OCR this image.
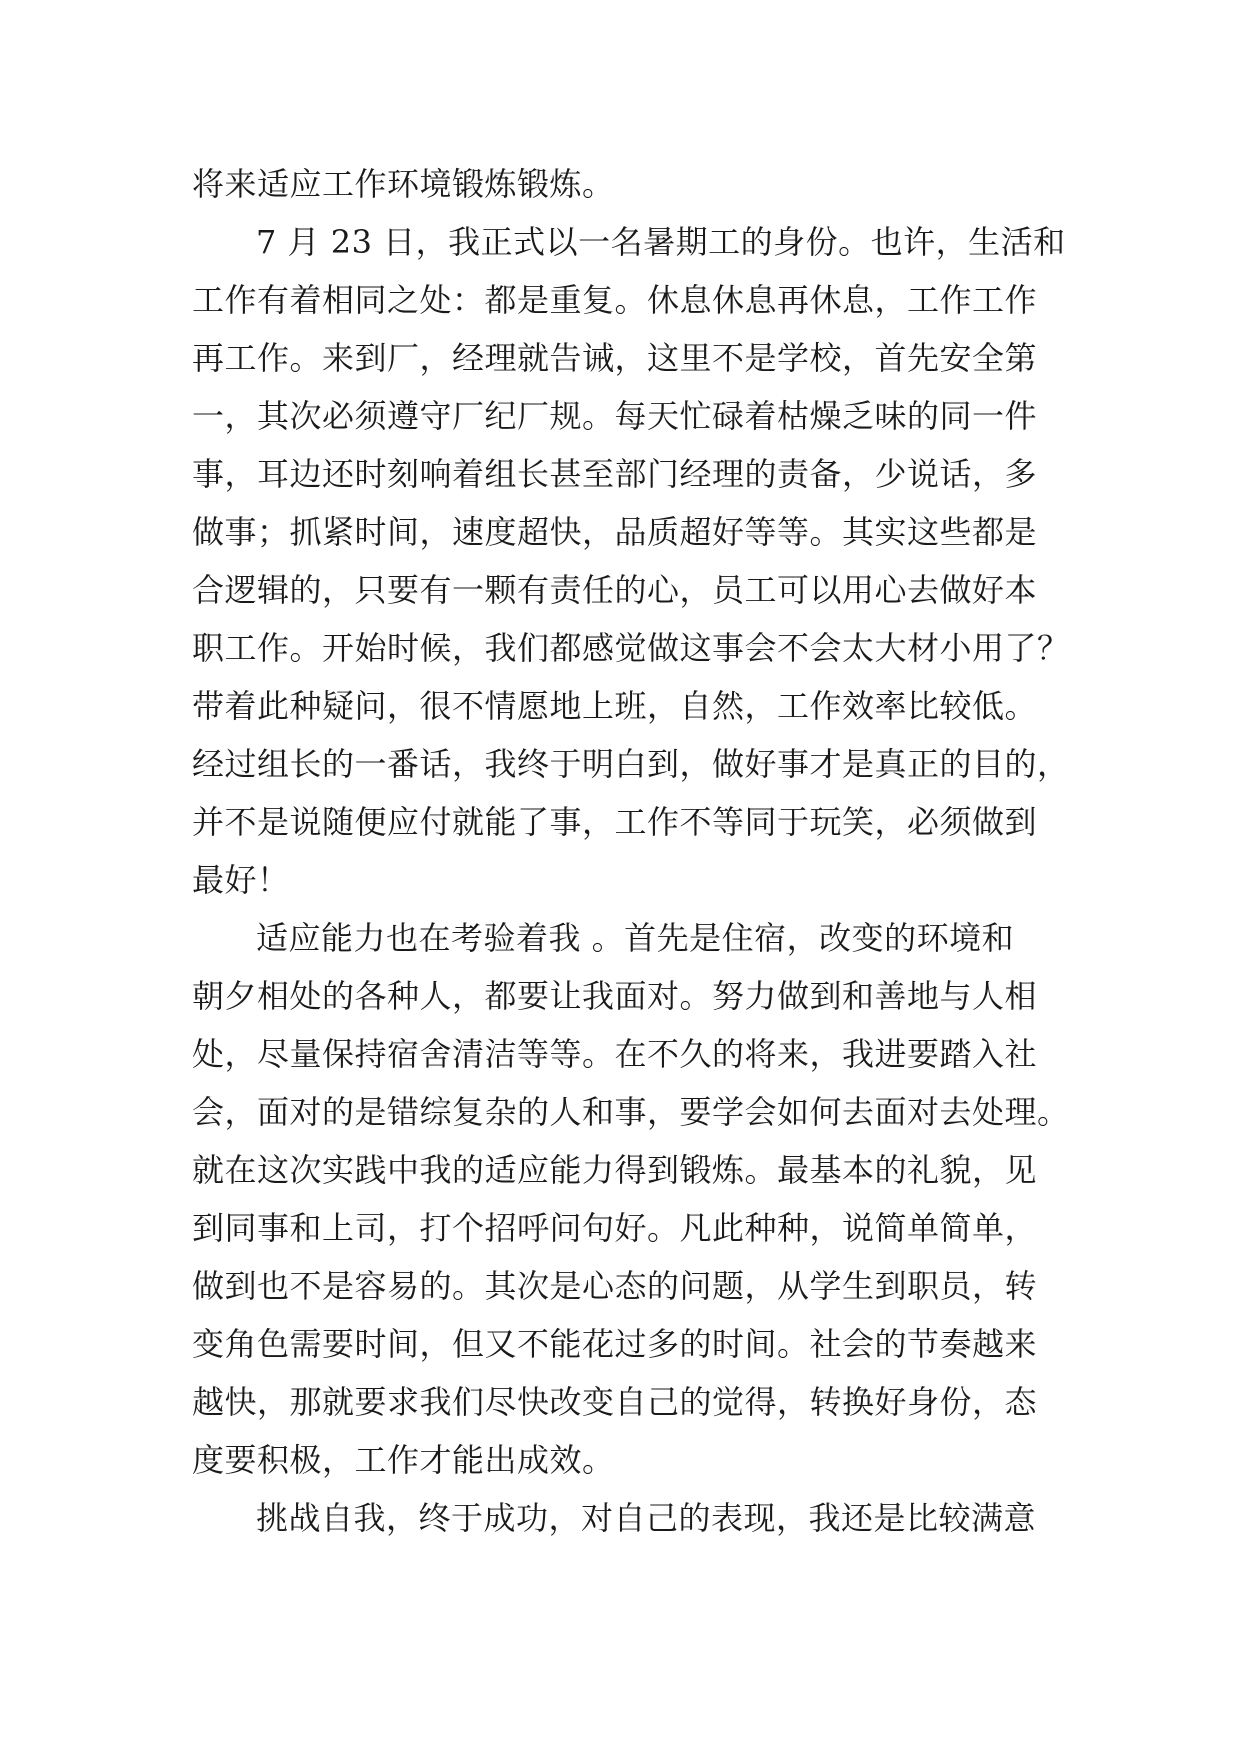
将来适应工作环境锻炼锻炼。
7 月 23 日，我正式以一名暑期工的身份。也许，生活和
工作有着相同之处：都是重复。休息休息再休息，工作工作
再工作。来到厂，经理就告诫，这里不是学校，首先安全第
一，其次必须遵守厂纪厂规。每天忙碌着枯燥乏味的同一件
事，耳边还时刻响着组长甚至部门经理的责备，少说话，多
做事；抓紧时间，速度超快，品质超好等等。其实这些都是
合逻辑的，只要有一颗有责任的心，员工可以用心去做好本
职工作。开始时候，我们都感觉做这事会不会太大材小用了？
带着此种疑问，很不情愿地上班，自然，工作效率比较低。
经过组长的一番话，我终于明白到，做好事才是真正的目的，
并不是说随便应付就能了事，工作不等同于玩笑，必须做到
最好！
适应能力也在考验着我 。首先是住宿，改变的环境和
朝夕相处的各种人，都要让我面对。努力做到和善地与人相
处，尽量保持宿舍清洁等等。在不久的将来，我进要踏入社
会，面对的是错综复杂的人和事，要学会如何去面对去处理。
就在这次实践中我的适应能力得到锻炼。最基本的礼貌，见
到同事和上司，打个招呼问句好。凡此种种，说简单简单，
做到也不是容易的。其次是心态的问题，从学生到职员，转
变角色需要时间，但又不能花过多的时间。社会的节奏越来
越快，那就要求我们尽快改变自己的觉得，转换好身份，态
度要积极，工作才能出成效。
挑战自我，终于成功，对自己的表现，我还是比较满意
